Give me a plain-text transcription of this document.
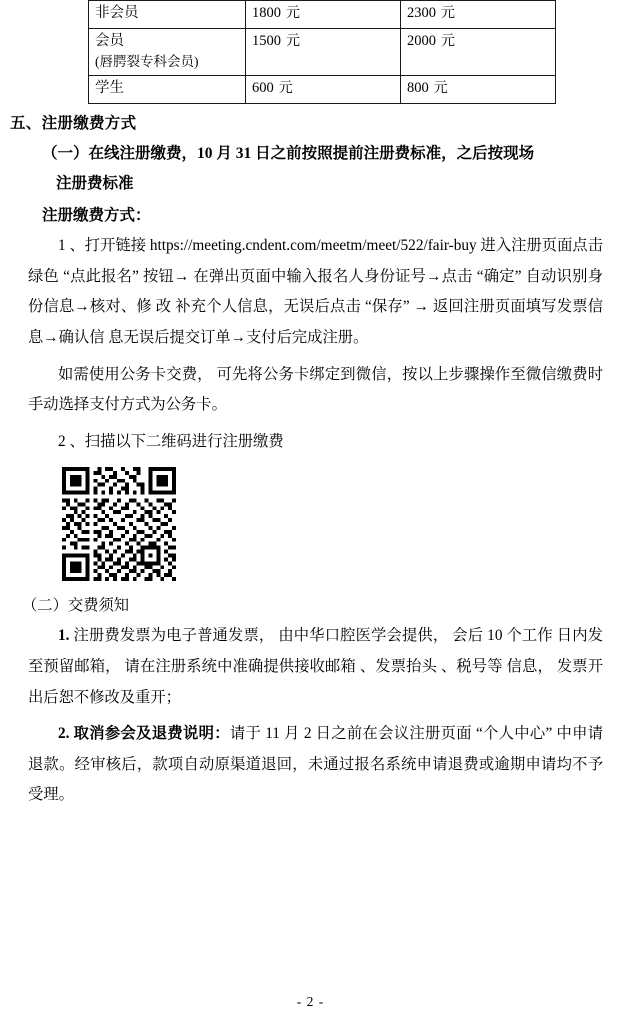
非会员	1800 元	2300 元
会员
(唇腭裂专科会员)	1500 元	2000 元
学生	600 元	800 元
五、注册缴费方式
（一）在线注册缴费，10 月 31 日之前按照提前注册费标准，之后按现场
注册费标准
注册缴费方式：

1 、打开链接 https://meeting.cndent.com/meetm/meet/522/fair-buy 进入注册页面点击绿色 “点此报名” 按钮→ 在弹出页面中输入报名人身份证号→点击 “确定” 自动识别身份信息→核对、修 改 补充个人信息，无误后点击 “保存” → 返回注册页面填写发票信息→确认信 息无误后提交订单→支付后完成注册。

如需使用公务卡交费， 可先将公务卡绑定到微信，按以上步骤操作至微信缴费时手动选择支付方式为公务卡。

2 、扫描以下二维码进行注册缴费

（二）交费须知

1. 注册费发票为电子普通发票， 由中华口腔医学会提供， 会后 10 个工作 日内发至预留邮箱， 请在注册系统中准确提供接收邮箱 、发票抬头 、税号等 信息， 发票开出后恕不修改及重开；

2. 取消参会及退费说明：请于 11 月 2 日之前在会议注册页面 “个人中心” 中申请退款。经审核后，款项自动原渠道退回，未通过报名系统申请退费或逾期申请均不予受理。

- 2 -
